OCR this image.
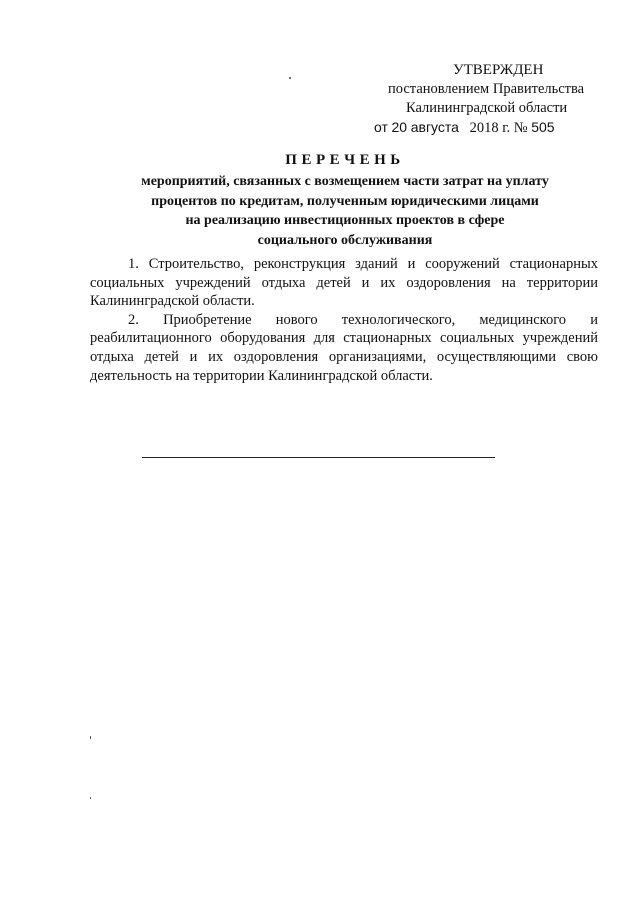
УТВЕРЖДЕН
постановлением Правительства
Калининградской области
от 20 августа 2018 г. № 505
ПЕРЕЧЕНЬ
мероприятий, связанных с возмещением части затрат на уплату
процентов по кредитам, полученным юридическими лицами
на реализацию инвестиционных проектов в сфере
социального обслуживания

1. Строительство, реконструкция зданий и сооружений стационарных социальных учреждений отдыха детей и их оздоровления на территории Калининградской области.

2. Приобретение нового технологического, медицинского и реабилитационного оборудования для стационарных социальных учреждений отдыха детей и их оздоровления организациями, осуществляющими свою деятельность на территории Калининградской области.
